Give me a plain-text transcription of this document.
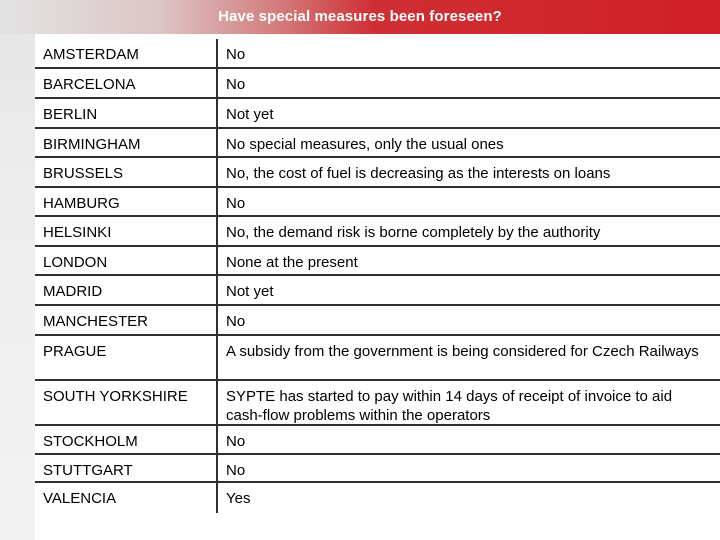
Have special measures been foreseen?
AMSTERDAM	No
BARCELONA	No
BERLIN	Not yet
BIRMINGHAM	No special measures, only the usual ones
BRUSSELS	No, the cost of fuel is decreasing as the interests on loans
HAMBURG	No
HELSINKI	No, the demand risk is borne completely by the authority
LONDON	None at the present
MADRID	Not yet
MANCHESTER	No
PRAGUE	A subsidy from the government is being considered for Czech Railways
SOUTH YORKSHIRE	SYPTE has started to pay within 14 days of receipt of invoice to aid cash-flow problems within the operators
STOCKHOLM	No
STUTTGART	No
VALENCIA	Yes
